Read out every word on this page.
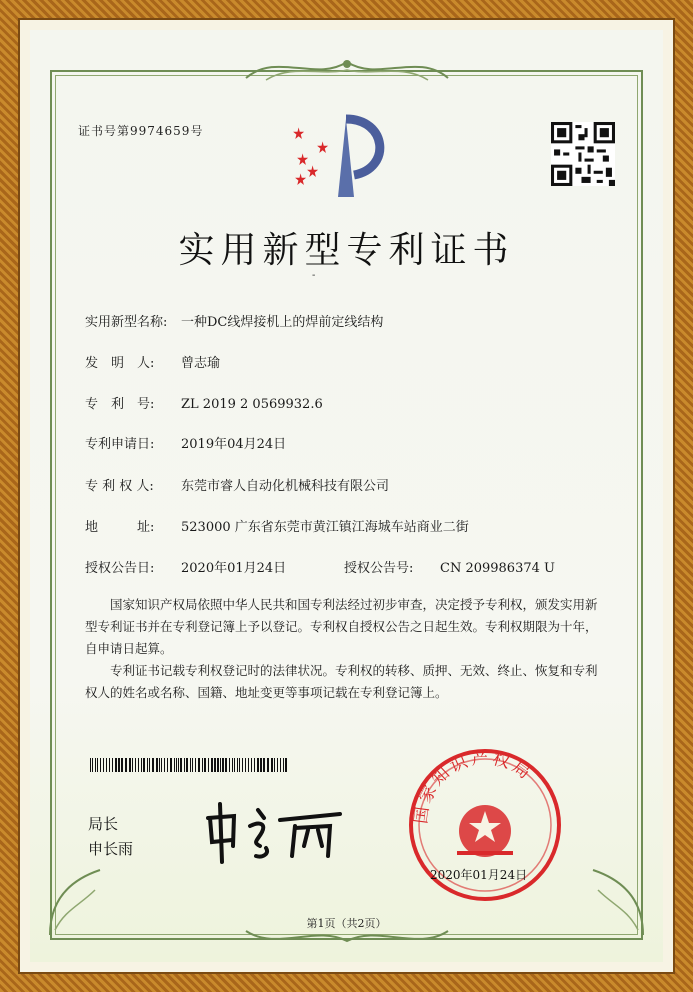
证书号第9974659号
实用新型专利证书
-
实用新型名称: 一种DC线焊接机上的焊前定线结构
发　明　人: 曾志瑜
专　利　号: ZL 2019 2 0569932.6
专利申请日: 2019年04月24日
专 利 权 人: 东莞市睿人自动化机械科技有限公司
地　　　址: 523000 广东省东莞市黄江镇江海城车站商业二街
授权公告日: 2020年01月24日	授权公告号: CN 209986374 U
国家知识产权局依照中华人民共和国专利法经过初步审查，决定授予专利权，颁发实用新型专利证书并在专利登记簿上予以登记。专利权自授权公告之日起生效。专利权期限为十年，自申请日起算。
专利证书记载专利权登记时的法律状况。专利权的转移、质押、无效、终止、恢复和专利权人的姓名或名称、国籍、地址变更等事项记载在专利登记簿上。
局长
申长雨
国家知识产权局
2020年01月24日
第1页（共2页）
